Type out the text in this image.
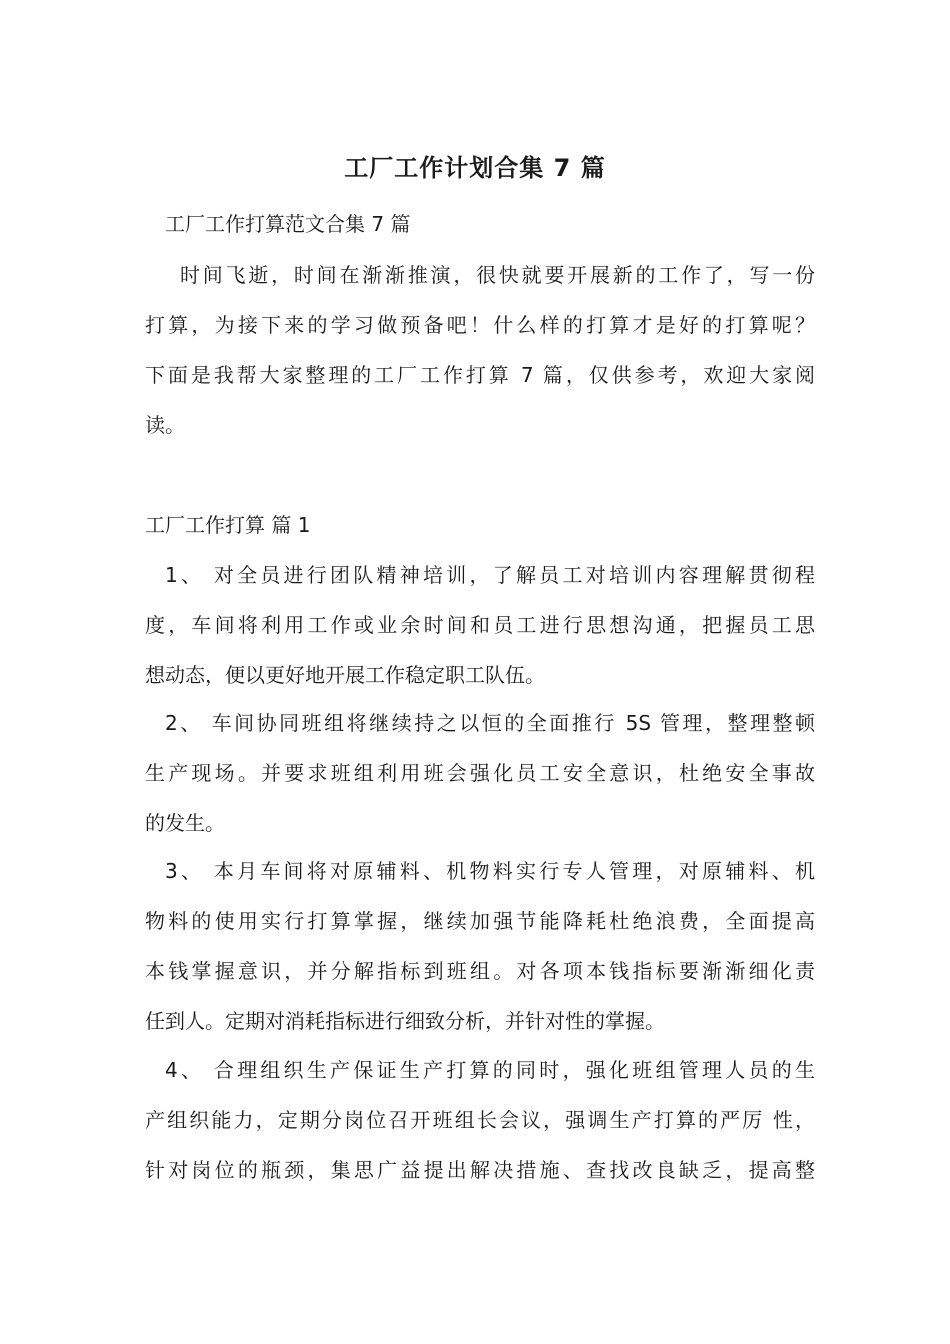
工厂工作计划合集 7 篇
工厂工作打算范文合集 7 篇
时间飞逝，时间在渐渐推演，很快就要开展新的工作了，写一份
打算，为接下来的学习做预备吧！什么样的打算才是好的打算呢？
下面是我帮大家整理的工厂工作打算 7 篇，仅供参考，欢迎大家阅
读。
工厂工作打算 篇 1
1、 对全员进行团队精神培训，了解员工对培训内容理解贯彻程
度，车间将利用工作或业余时间和员工进行思想沟通，把握员工思
想动态，便以更好地开展工作稳定职工队伍。
2、 车间协同班组将继续持之以恒的全面推行 5S 管理，整理整顿
生产现场。并要求班组利用班会强化员工安全意识，杜绝安全事故
的发生。
3、 本月车间将对原辅料、机物料实行专人管理，对原辅料、机
物料的使用实行打算掌握，继续加强节能降耗杜绝浪费，全面提高
本钱掌握意识，并分解指标到班组。对各项本钱指标要渐渐细化责
任到人。定期对消耗指标进行细致分析，并针对性的掌握。
4、 合理组织生产保证生产打算的同时，强化班组管理人员的生
产组织能力，定期分岗位召开班组长会议，强调生产打算的严厉 性，
针对岗位的瓶颈，集思广益提出解决措施、查找改良缺乏，提高整
